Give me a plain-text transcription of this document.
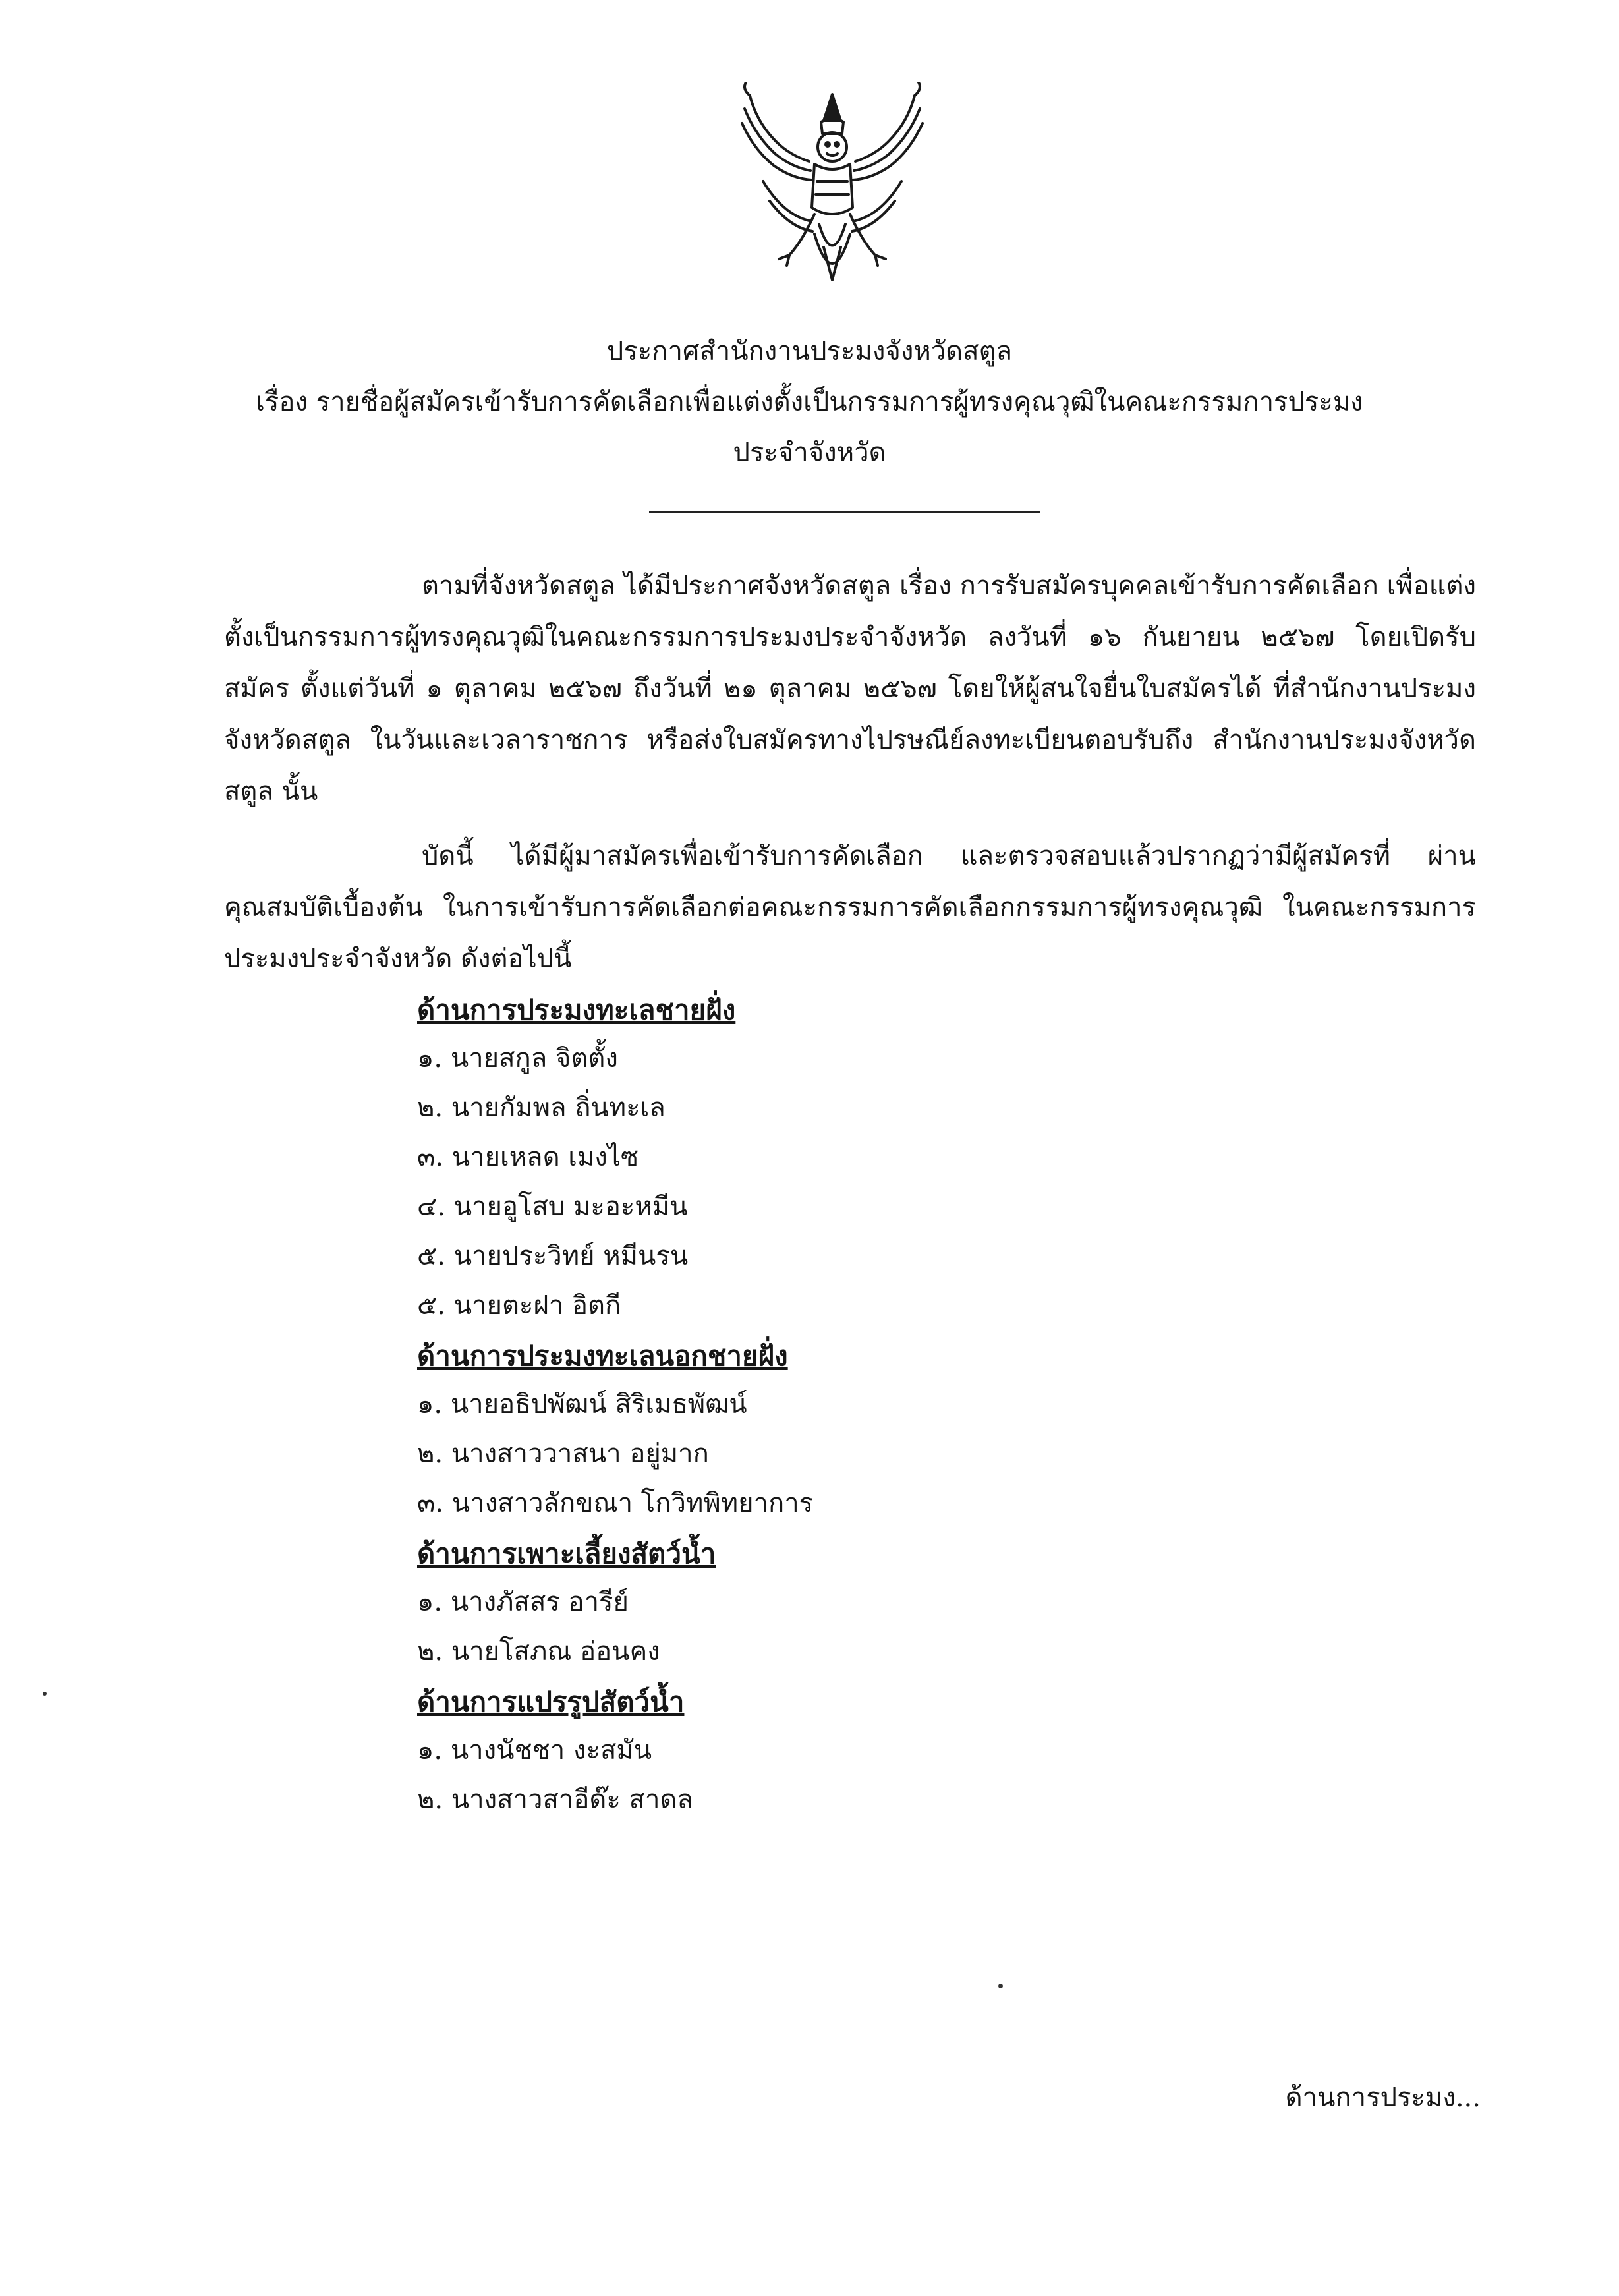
ประกาศสำนักงานประมงจังหวัดสตูล
เรื่อง รายชื่อผู้สมัครเข้ารับการคัดเลือกเพื่อแต่งตั้งเป็นกรรมการผู้ทรงคุณวุฒิในคณะกรรมการประมง
ประจำจังหวัด

ตามที่จังหวัดสตูล ได้มีประกาศจังหวัดสตูล เรื่อง การรับสมัครบุคคลเข้ารับการคัดเลือก เพื่อแต่งตั้งเป็นกรรมการผู้ทรงคุณวุฒิในคณะกรรมการประมงประจำจังหวัด ลงวันที่ ๑๖ กันยายน ๒๕๖๗ โดยเปิดรับสมัคร ตั้งแต่วันที่ ๑ ตุลาคม ๒๕๖๗ ถึงวันที่ ๒๑ ตุลาคม ๒๕๖๗ โดยให้ผู้สนใจยื่นใบสมัครได้ ที่สำนักงานประมงจังหวัดสตูล ในวันและเวลาราชการ หรือส่งใบสมัครทางไปรษณีย์ลงทะเบียนตอบรับถึง สำนักงานประมงจังหวัดสตูล นั้น

บัดนี้ ได้มีผู้มาสมัครเพื่อเข้ารับการคัดเลือก และตรวจสอบแล้วปรากฏว่ามีผู้สมัครที่ ผ่านคุณสมบัติเบื้องต้น ในการเข้ารับการคัดเลือกต่อคณะกรรมการคัดเลือกกรรมการผู้ทรงคุณวุฒิ ในคณะกรรมการประมงประจำจังหวัด ดังต่อไปนี้

ด้านการประมงทะเลชายฝั่ง
๑. นายสกูล จิตตั้ง
๒. นายกัมพล ถิ่นทะเล
๓. นายเหลด เมงไซ
๔. นายอูโสบ มะอะหมีน
๕. นายประวิทย์ หมีนรน
๕. นายตะฝา อิตกี
ด้านการประมงทะเลนอกชายฝั่ง
๑. นายอธิปพัฒน์ สิริเมธพัฒน์
๒. นางสาววาสนา อยู่มาก
๓. นางสาวลักขณา โกวิทพิทยาการ
ด้านการเพาะเลี้ยงสัตว์น้ำ
๑. นางภัสสร อารีย์
๒. นายโสภณ อ่อนคง
ด้านการแปรรูปสัตว์น้ำ
๑. นางนัชชา งะสมัน
๒. นางสาวสาอีด๊ะ สาดล
ด้านการประมง...
